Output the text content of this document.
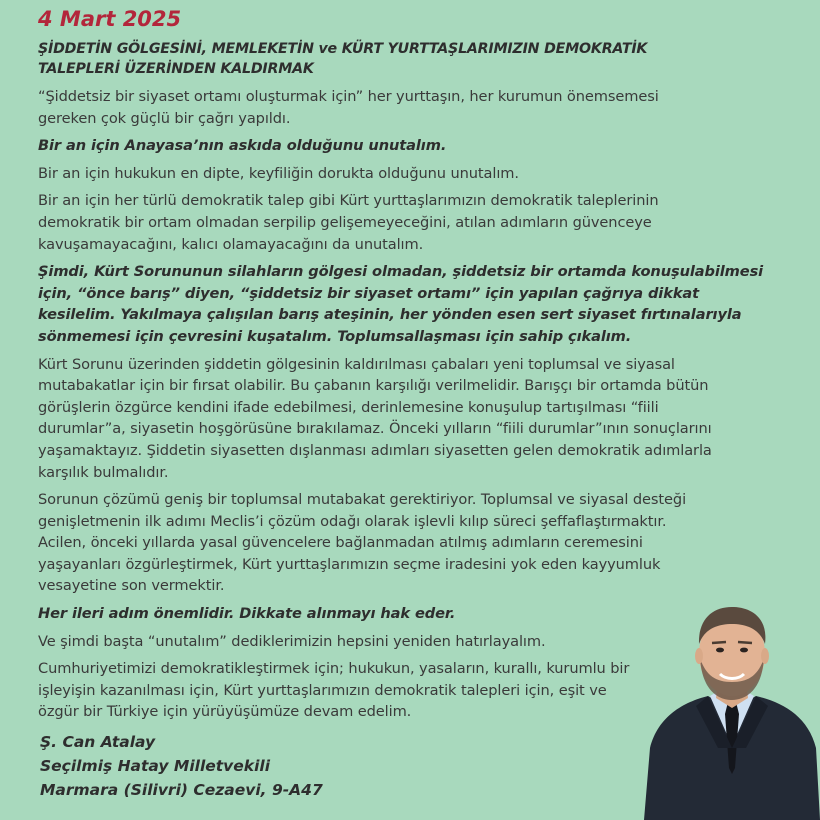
4 Mart 2025
ŞİDDETİN GÖLGESİNİ, MEMLEKETİN ve KÜRT YURTTAŞLARIMIZIN DEMOKRATİK
TALEPLERİ ÜZERİNDEN KALDIRMAK
“Şiddetsiz bir siyaset ortamı oluşturmak için” her yurttaşın, her kurumun önemsemesi
gereken çok güçlü bir çağrı yapıldı.
Bir an için Anayasa’nın askıda olduğunu unutalım.
Bir an için hukukun en dipte, keyfiliğin dorukta olduğunu unutalım.
Bir an için her türlü demokratik talep gibi Kürt yurttaşlarımızın demokratik taleplerinin
demokratik bir ortam olmadan serpilip gelişemeyeceğini, atılan adımların güvenceye
kavuşamayacağını, kalıcı olamayacağını da unutalım.
Şimdi, Kürt Sorununun silahların gölgesi olmadan, şiddetsiz bir ortamda konuşulabilmesi
için, “önce barış” diyen, “şiddetsiz bir siyaset ortamı” için yapılan çağrıya dikkat
kesilelim. Yakılmaya çalışılan barış ateşinin, her yönden esen sert siyaset fırtınalarıyla
sönmemesi için çevresini kuşatalım. Toplumsallaşması için sahip çıkalım.
Kürt Sorunu üzerinden şiddetin gölgesinin kaldırılması çabaları yeni toplumsal ve siyasal
mutabakatlar için bir fırsat olabilir. Bu çabanın karşılığı verilmelidir. Barışçı bir ortamda bütün
görüşlerin özgürce kendini ifade edebilmesi, derinlemesine konuşulup tartışılması “fiili
durumlar”a, siyasetin hoşgörüsüne bırakılamaz. Önceki yılların “fiili durumlar”ının sonuçlarını
yaşamaktayız. Şiddetin siyasetten dışlanması adımları siyasetten gelen demokratik adımlarla
karşılık bulmalıdır.
Sorunun çözümü geniş bir toplumsal mutabakat gerektiriyor. Toplumsal ve siyasal desteği
genişletmenin ilk adımı Meclis’i çözüm odağı olarak işlevli kılıp süreci şeffaflaştırmaktır.
Acilen, önceki yıllarda yasal güvencelere bağlanmadan atılmış adımların ceremesini
yaşayanları özgürleştirmek, Kürt yurttaşlarımızın seçme iradesini yok eden kayyumluk
vesayetine son vermektir.
Her ileri adım önemlidir. Dikkate alınmayı hak eder.
Ve şimdi başta “unutalım” dediklerimizin hepsini yeniden hatırlayalım.
Cumhuriyetimizi demokratikleştirmek için; hukukun, yasaların, kurallı, kurumlu bir
işleyişin kazanılması için, Kürt yurttaşlarımızın demokratik talepleri için, eşit ve
özgür bir Türkiye için yürüyüşümüze devam edelim.
Ş. Can Atalay
Seçilmiş Hatay Milletvekili
Marmara (Silivri) Cezaevi, 9-A47
